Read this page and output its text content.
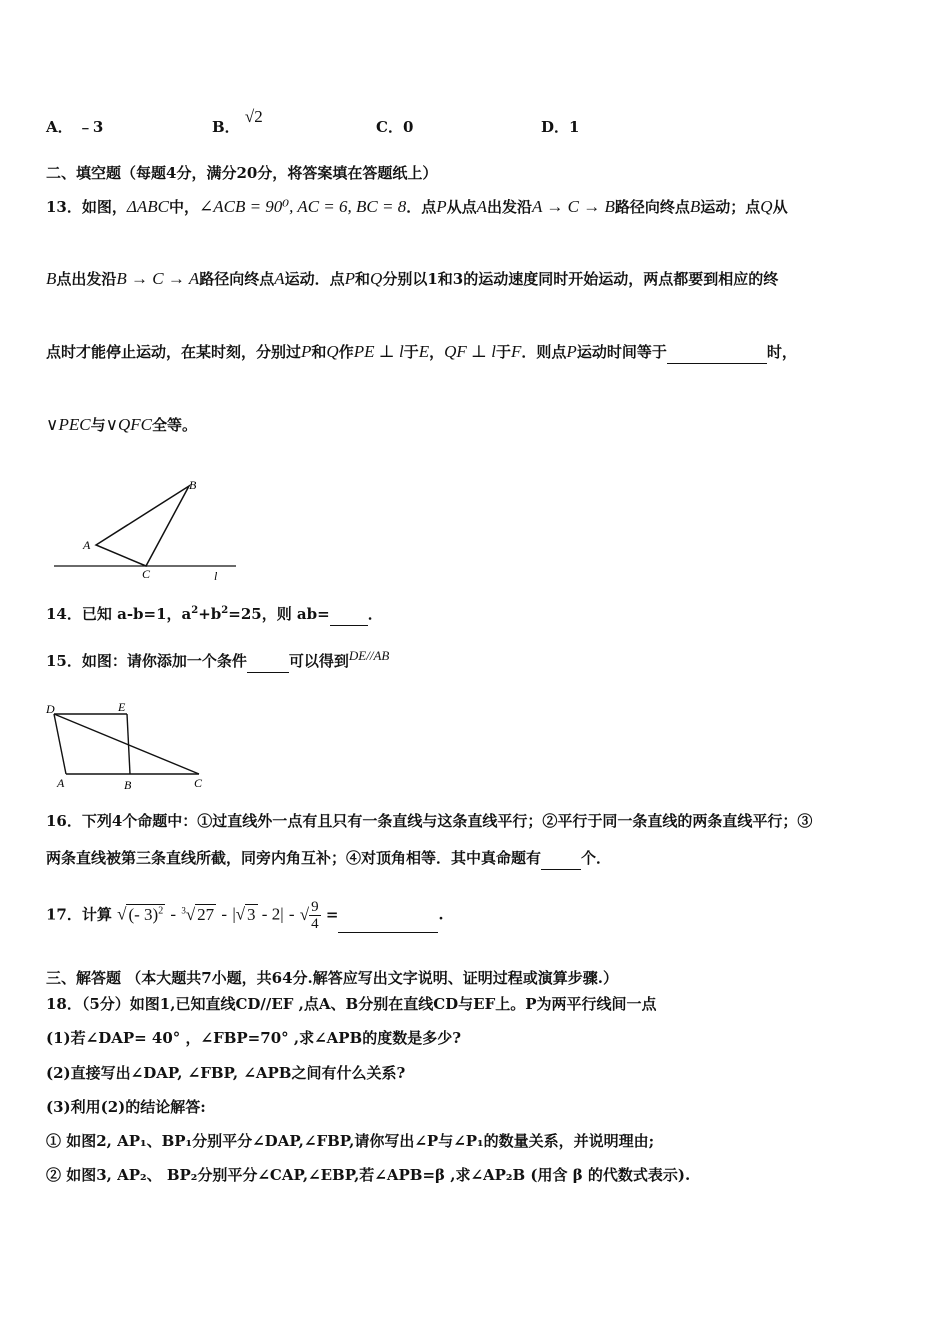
A． ﹣3	B． √2
C．0	D．1
二、填空题（每题4分，满分20分，将答案填在答题纸上）
13．如图，ΔABC中，∠ACB = 90⁰, AC = 6, BC = 8．点P从点A出发沿A → C → B路径向终点B运动；点Q从
B点出发沿B → C → A路径向终点A运动．点P和Q分别以1和3的运动速度同时开始运动，两点都要到相应的终
点时才能停止运动，在某时刻，分别过P和Q作PE ⊥ l于E，QF ⊥ l于F．则点P运动时间等于	时，
∨PEC与∨QFC全等。
A
B
C	l
14．已知 a-b=1，$a^2+b^2=25$，则 ab=	．
15．如图：请你添加一个条件	可以得到DE//AB
D	E
A	B	C
16．下列4个命题中：①过直线外一点有且只有一条直线与这条直线平行；②平行于同一条直线的两条直线平行；③
两条直线被第三条直线所截，同旁内角互补；④对顶角相等．其中真命题有	个．
17．计算 √ (- 3)$^2$ - $^3$√ 27 - |√ 3 - 2| - √ $\frac{9}{4}$ =	.
三、解答题 （本大题共7小题，共64分.解答应写出文字说明、证明过程或演算步骤.）
18．（5分）如图1,已知直线CD//EF ,点A、B分别在直线CD与EF上。P为两平行线间一点
(1)若∠DAP= 40° ，∠FBP=70° ,求∠APB的度数是多少?
(2)直接写出∠DAP, ∠FBP, ∠APB之间有什么关系?
(3)利用(2)的结论解答:
① 如图2, AP₁、BP₁分别平分∠DAP,∠FBP,请你写出∠P与∠P₁的数量关系，并说明理由;
② 如图3, AP₂、 BP₂分别平分∠CAP,∠EBP,若∠APB=β ,求∠AP₂B (用含 β 的代数式表示).
